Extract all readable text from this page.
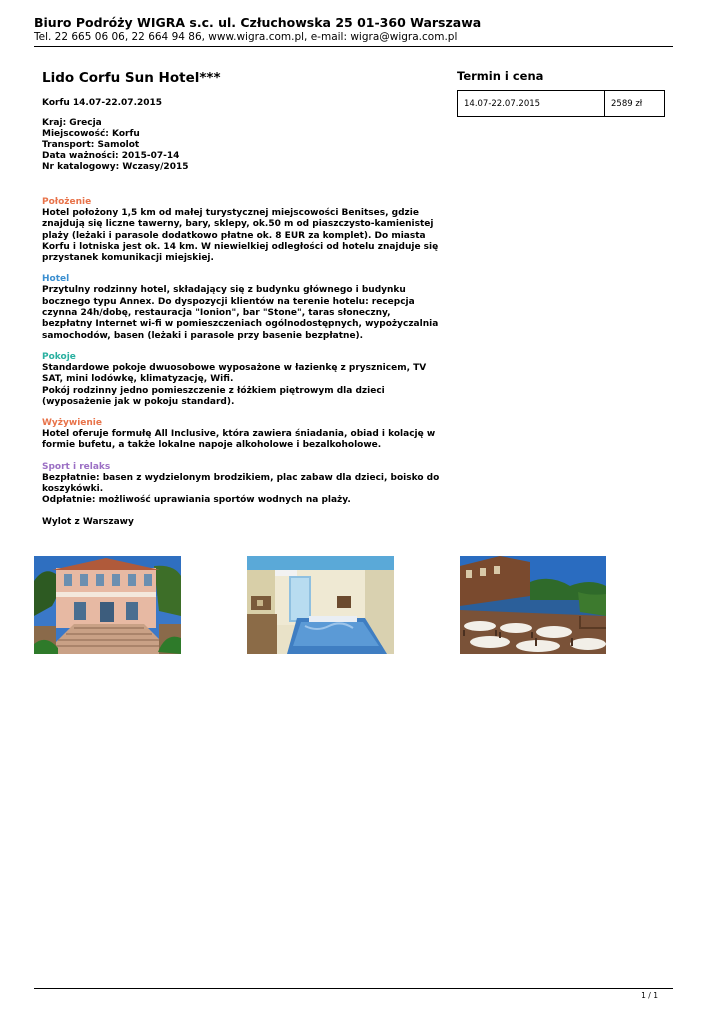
Biuro Podróży WIGRA s.c. ul. Człuchowska 25 01-360 Warszawa
Tel. 22 665 06 06, 22 664 94 86, www.wigra.com.pl, e-mail: wigra@wigra.com.pl
Lido Corfu Sun Hotel***
Korfu 14.07-22.07.2015
Kraj: Grecja
Miejscowość: Korfu
Transport: Samolot
Data ważności: 2015-07-14
Nr katalogowy: Wczasy/2015
Położenie
Hotel położony 1,5 km od małej turystycznej miejscowości Benitses, gdzie znajdują się liczne tawerny, bary, sklepy, ok.50 m od piaszczysto-kamienistej plaży (leżaki i parasole dodatkowo płatne ok. 8 EUR za komplet). Do miasta Korfu i lotniska jest ok. 14 km. W niewielkiej odległości od hotelu znajduje się przystanek komunikacji miejskiej.
Hotel
Przytulny rodzinny hotel, składający się z budynku głównego i budynku bocznego typu Annex. Do dyspozycji klientów na terenie hotelu: recepcja czynna 24h/dobę, restauracja "Ionion", bar "Stone", taras słoneczny, bezpłatny Internet wi-fi w pomieszczeniach ogólnodostępnych, wypożyczalnia samochodów, basen (leżaki i parasole przy basenie bezpłatne).
Pokoje
Standardowe pokoje dwuosobowe wyposażone w łazienkę z prysznicem, TV SAT, mini lodówkę, klimatyzację, Wifi.
Pokój rodzinny jedno pomieszczenie z łóżkiem piętrowym dla dzieci (wyposażenie jak w pokoju standard).
Wyżywienie
Hotel oferuje formułę All Inclusive, która zawiera śniadania, obiad i kolację w formie bufetu, a także lokalne napoje alkoholowe i bezalkoholowe.
Sport i relaks
Bezpłatnie: basen z wydzielonym brodzikiem, plac zabaw dla dzieci, boisko do koszykówki.
Odpłatnie: możliwość uprawiania sportów wodnych na plaży.
Wylot z Warszawy
Termin i cena
14.07-22.07.2015	2589 zł
1 / 1
